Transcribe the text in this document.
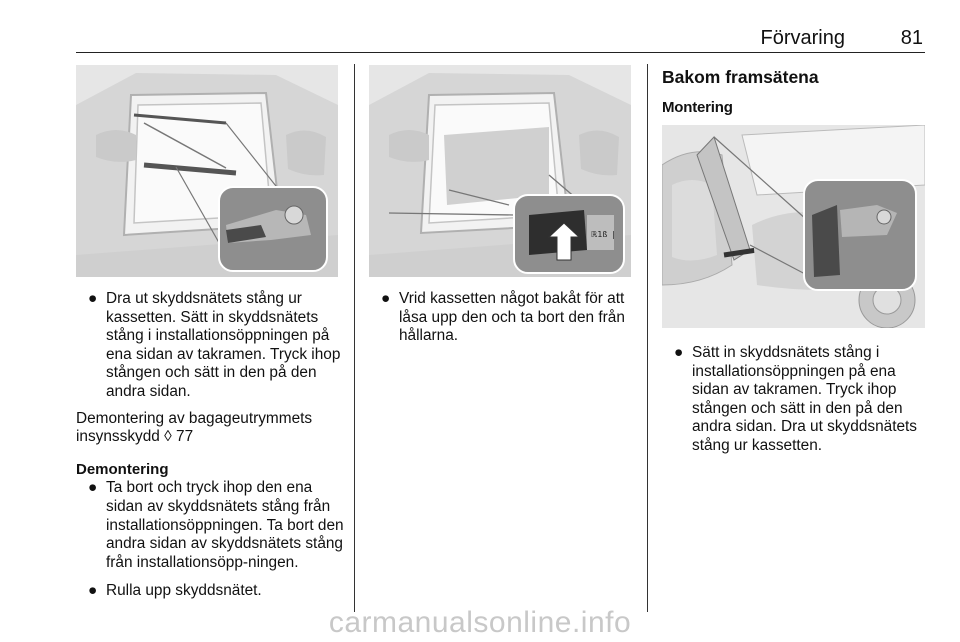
Förvaring	81
ℝ1ß ❘
● Dra ut skyddsnätets stång ur kassetten. Sätt in skyddsnätets stång i installationsöppningen på ena sidan av takramen. Tryck ihop stången och sätt in den på den andra sidan.
Demontering av bagageutrymmets insynsskydd ◊ 77
Demontering
● Ta bort och tryck ihop den ena sidan av skyddsnätets stång från installationsöppningen. Ta bort den andra sidan av skyddsnätets stång från installationsöpp-ningen.
● Rulla upp skyddsnätet.
● Vrid kassetten något bakåt för att låsa upp den och ta bort den från hållarna.
Bakom framsätena
Montering
● Sätt in skyddsnätets stång i installationsöppningen på ena sidan av takramen. Tryck ihop stången och sätt in den på den andra sidan. Dra ut skyddsnätets stång ur kassetten.
carmanualsonline.info
